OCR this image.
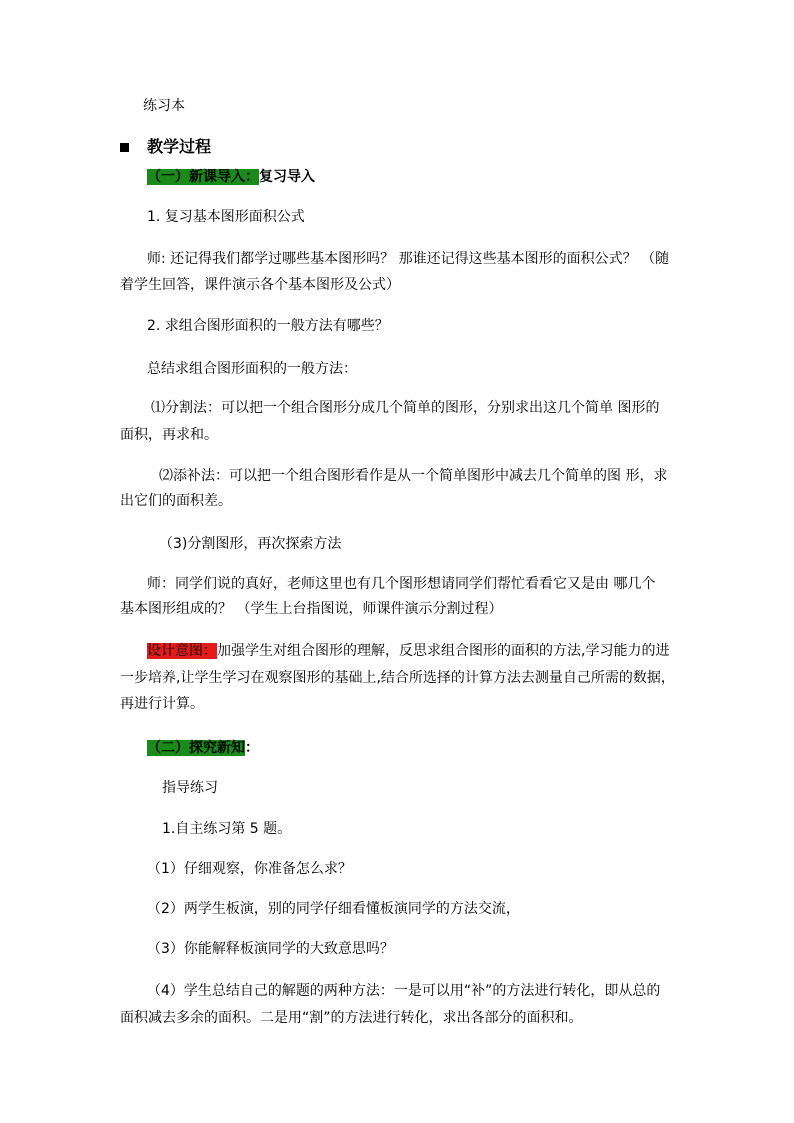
练习本
教学过程
（一）新课导入：复习导入
1. 复习基本图形面积公式
师: 还记得我们都学过哪些基本图形吗？ 那谁还记得这些基本图形的面积公式？ （随
着学生回答，课件演示各个基本图形及公式）
2. 求组合图形面积的一般方法有哪些？
总结求组合图形面积的一般方法：
⑴分割法：可以把一个组合图形分成几个简单的图形，分别求出这几个简单 图形的
面积，再求和。
⑵添补法：可以把一个组合图形看作是从一个简单图形中减去几个简单的图 形，求
出它们的面积差。
（3)分割图形，再次探索方法
师：同学们说的真好，老师这里也有几个图形想请同学们帮忙看看它又是由 哪几个
基本图形组成的？ （学生上台指图说，师课件演示分割过程）
设计意图：加强学生对组合图形的理解，反思求组合图形的面积的方法,学习能力的进
一步培养,让学生学习在观察图形的基础上,结合所选择的计算方法去测量自己所需的数据，
再进行计算。
（二）探究新知：
指导练习
1.自主练习第 5 题。
（1）仔细观察，你准备怎么求？
（2）两学生板演，别的同学仔细看懂板演同学的方法交流，
（3）你能解释板演同学的大致意思吗？
（4）学生总结自己的解题的两种方法：一是可以用“补”的方法进行转化，即从总的
面积减去多余的面积。二是用“割”的方法进行转化，求出各部分的面积和。
